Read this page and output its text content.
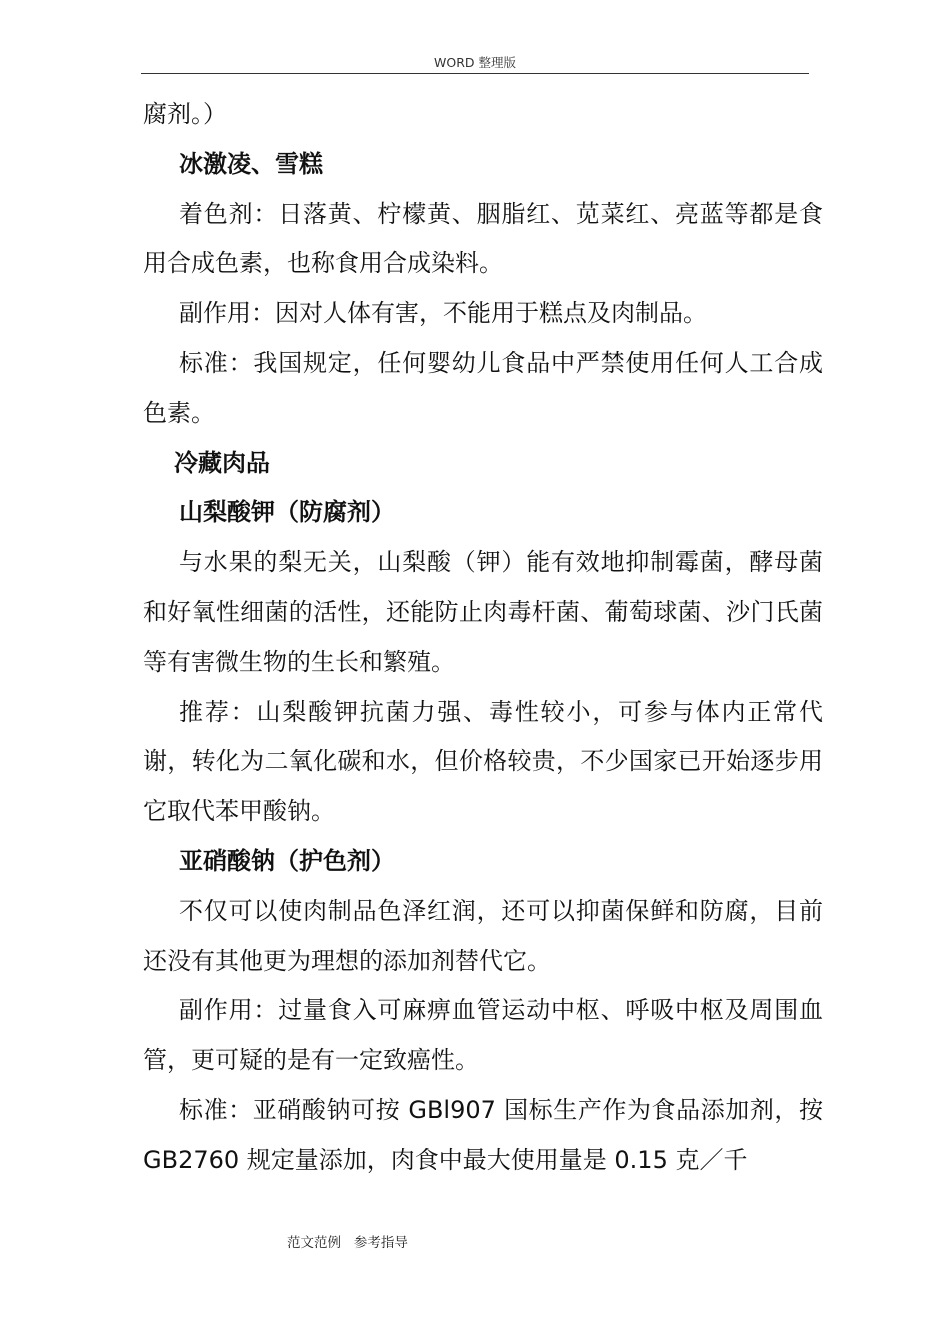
WORD 整理版

腐剂。）

冰激凌、雪糕

着色剂：日落黄、柠檬黄、胭脂红、苋菜红、亮蓝等都是食用合成色素，也称食用合成染料。

副作用：因对人体有害，不能用于糕点及肉制品。

标准：我国规定，任何婴幼儿食品中严禁使用任何人工合成色素。

冷藏肉品

山梨酸钾（防腐剂）

与水果的梨无关，山梨酸（钾）能有效地抑制霉菌，酵母菌和好氧性细菌的活性，还能防止肉毒杆菌、葡萄球菌、沙门氏菌等有害微生物的生长和繁殖。

推荐：山梨酸钾抗菌力强、毒性较小，可参与体内正常代谢，转化为二氧化碳和水，但价格较贵，不少国家已开始逐步用它取代苯甲酸钠。

亚硝酸钠（护色剂）

不仅可以使肉制品色泽红润，还可以抑菌保鲜和防腐，目前还没有其他更为理想的添加剂替代它。

副作用：过量食入可麻痹血管运动中枢、呼吸中枢及周围血管，更可疑的是有一定致癌性。

标准：亚硝酸钠可按 GBl907 国标生产作为食品添加剂，按 GB2760 规定量添加，肉食中最大使用量是 0.15 克／千

范文范例   参考指导
